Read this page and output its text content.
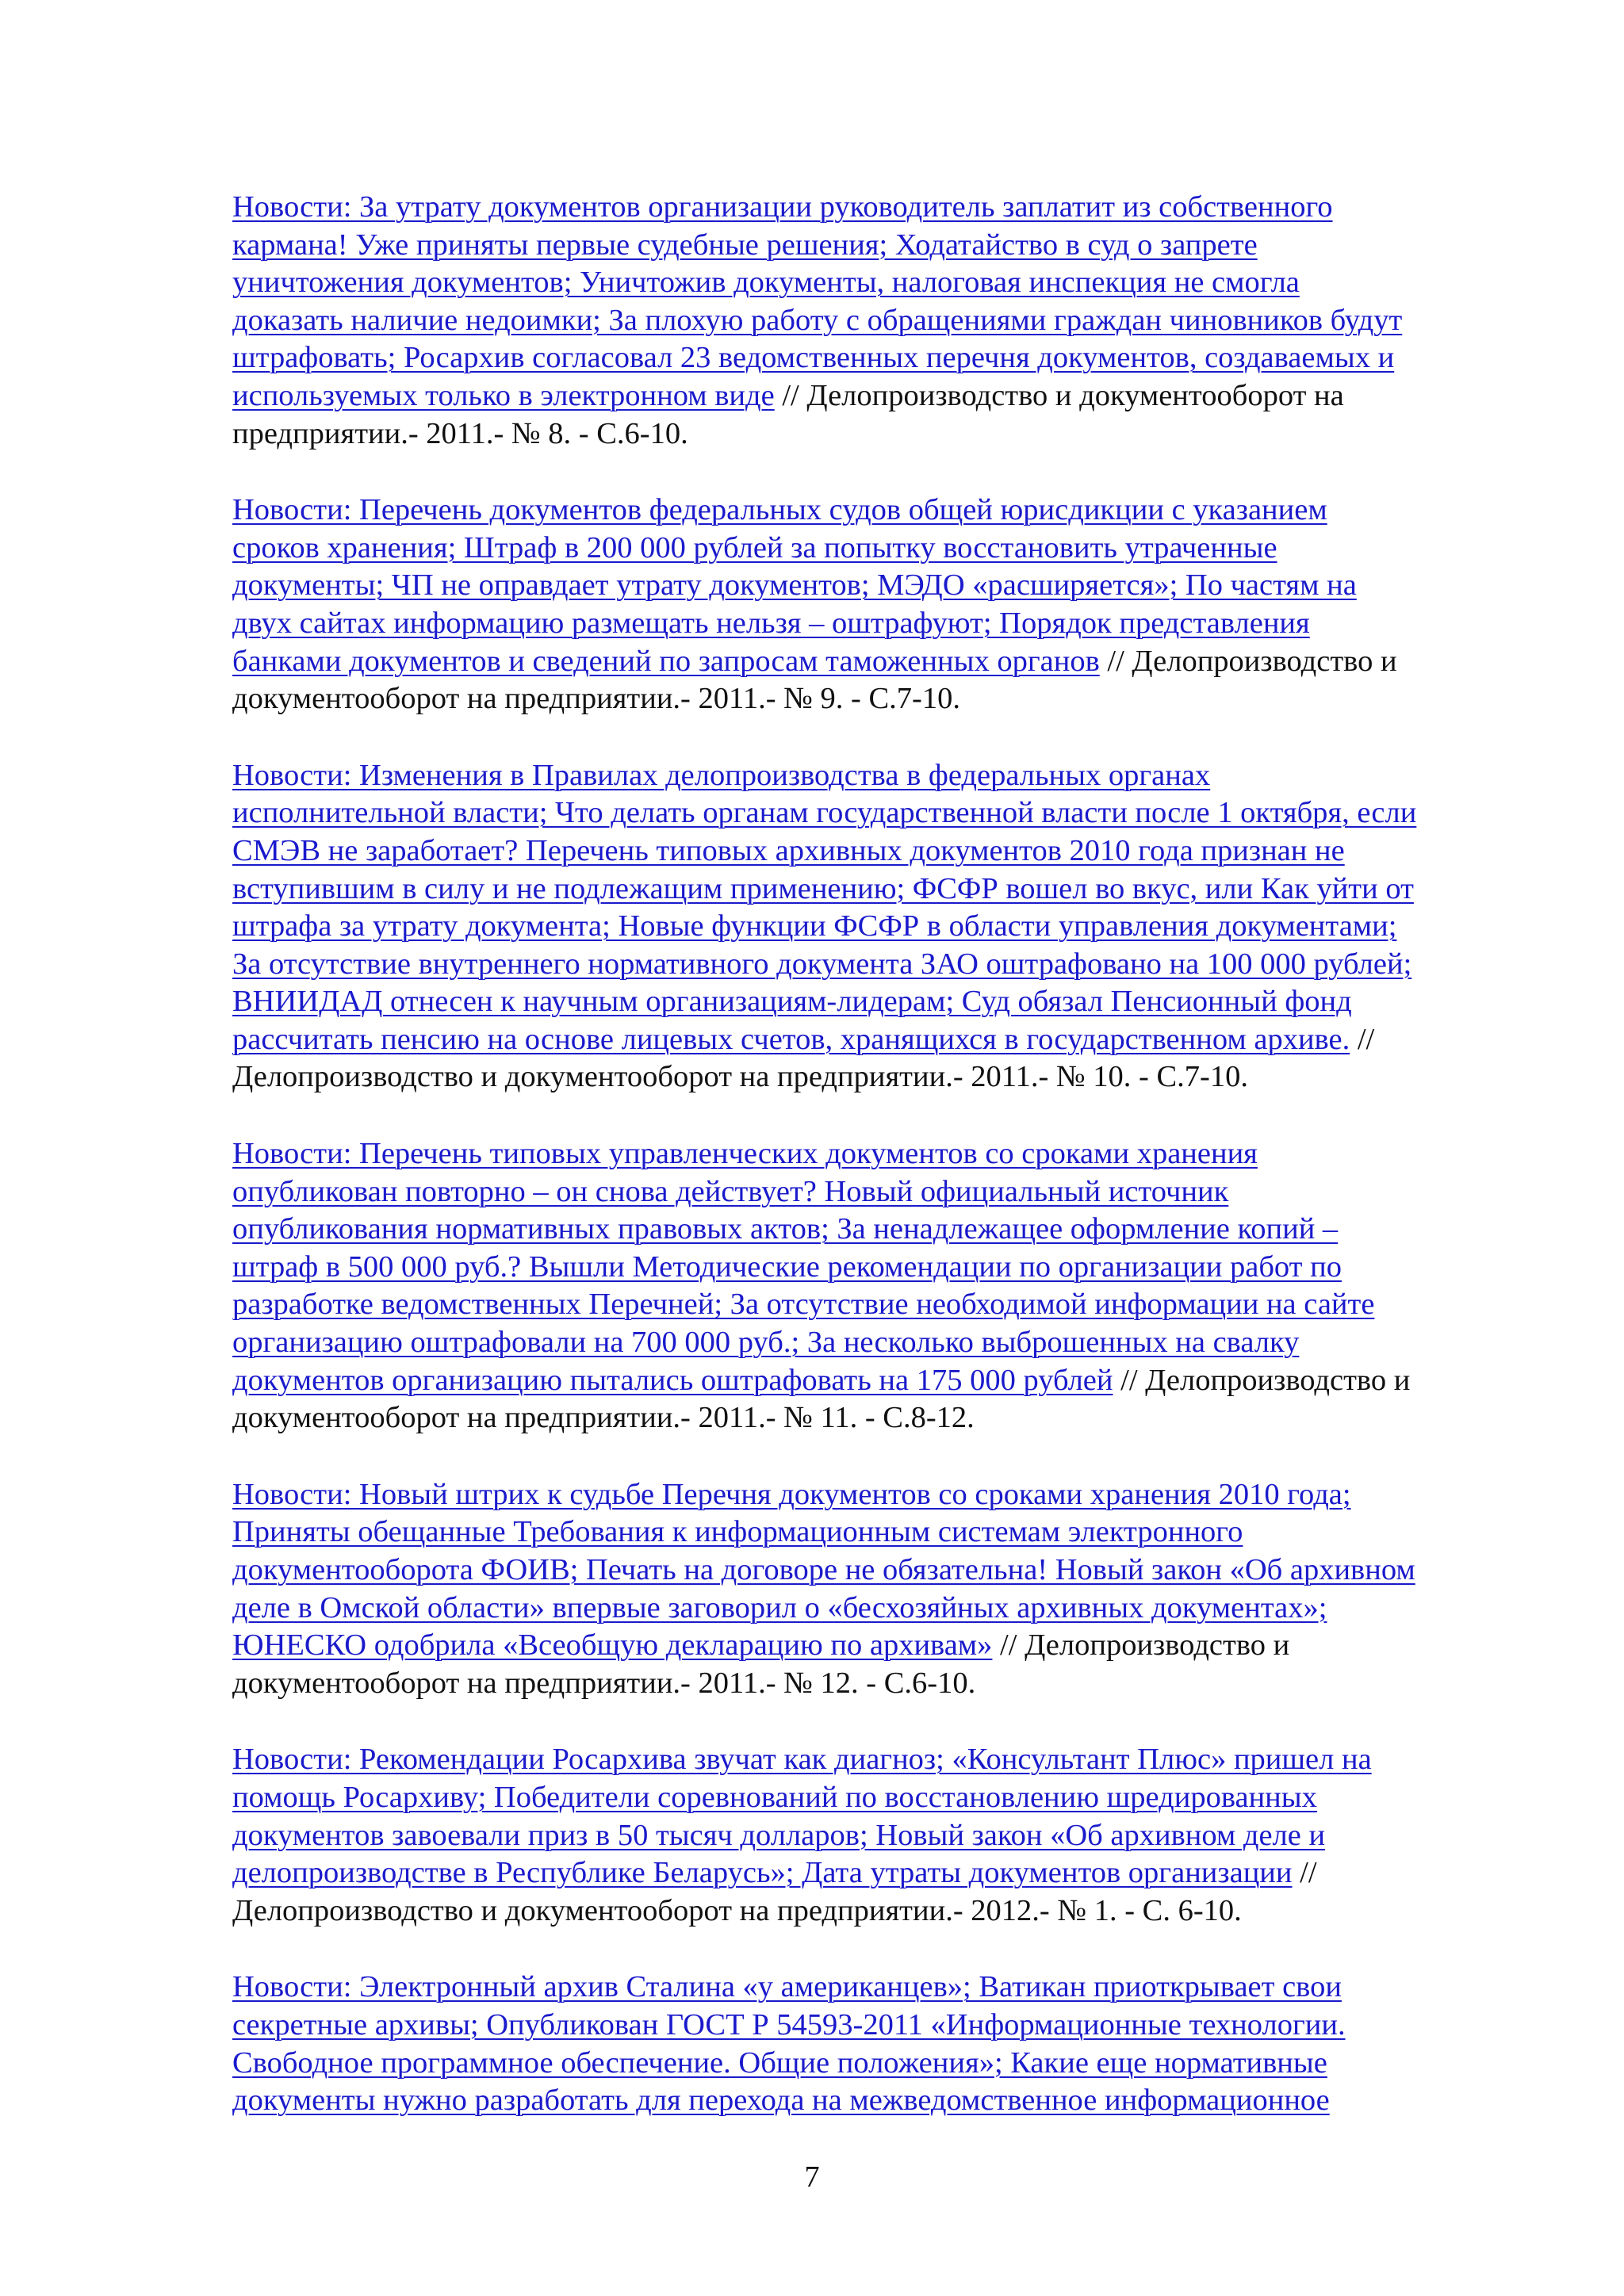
Новости: За утрату документов организации руководитель заплатит из собственного
кармана! Уже приняты первые судебные решения; Ходатайство в суд о запрете
уничтожения документов; Уничтожив документы, налоговая инспекция не смогла
доказать наличие недоимки; За плохую работу с обращениями граждан чиновников будут
штрафовать; Росархив согласовал 23 ведомственных перечня документов, создаваемых и
используемых только в электронном виде // Делопроизводство и документооборот на
предприятии.- 2011.- № 8. - С.6-10.
Новости: Перечень документов федеральных судов общей юрисдикции с указанием
сроков хранения; Штраф в 200 000 рублей за попытку восстановить утраченные
документы; ЧП не оправдает утрату документов; МЭДО «расширяется»; По частям на
двух сайтах информацию размещать нельзя – оштрафуют; Порядок представления
банками документов и сведений по запросам таможенных органов // Делопроизводство и
документооборот на предприятии.- 2011.- № 9. - С.7-10.
Новости: Изменения в Правилах делопроизводства в федеральных органах
исполнительной власти; Что делать органам государственной власти после 1 октября, если
СМЭВ не заработает? Перечень типовых архивных документов 2010 года признан не
вступившим в силу и не подлежащим применению; ФСФР вошел во вкус, или Как уйти от
штрафа за утрату документа; Новые функции ФСФР в области управления документами;
За отсутствие внутреннего нормативного документа ЗАО оштрафовано на 100 000 рублей;
ВНИИДАД отнесен к научным организациям-лидерам; Суд обязал Пенсионный фонд
рассчитать пенсию на основе лицевых счетов, хранящихся в государственном архиве. //
Делопроизводство и документооборот на предприятии.- 2011.- № 10. - С.7-10.
Новости: Перечень типовых управленческих документов со сроками хранения
опубликован повторно – он снова действует? Новый официальный источник
опубликования нормативных правовых актов; За ненадлежащее оформление копий –
штраф в 500 000 руб.? Вышли Методические рекомендации по организации работ по
разработке ведомственных Перечней; За отсутствие необходимой информации на сайте
организацию оштрафовали на 700 000 руб.; За несколько выброшенных на свалку
документов организацию пытались оштрафовать на 175 000 рублей // Делопроизводство и
документооборот на предприятии.- 2011.- № 11. - С.8-12.
Новости: Новый штрих к судьбе Перечня документов со сроками хранения 2010 года;
Приняты обещанные Требования к информационным системам электронного
документооборота ФОИВ; Печать на договоре не обязательна! Новый закон «Об архивном
деле в Омской области» впервые заговорил о «бесхозяйных архивных документах»;
ЮНЕСКО одобрила «Всеобщую декларацию по архивам» // Делопроизводство и
документооборот на предприятии.- 2011.- № 12. - С.6-10.
Новости: Рекомендации Росархива звучат как диагноз; «Консультант Плюс» пришел на
помощь Росархиву; Победители соревнований по восстановлению шредированных
документов завоевали приз в 50 тысяч долларов; Новый закон «Об архивном деле и
делопроизводстве в Республике Беларусь»; Дата утраты документов организации //
Делопроизводство и документооборот на предприятии.- 2012.- № 1. - С. 6-10.
Новости: Электронный архив Сталина «у американцев»; Ватикан приоткрывает свои
секретные архивы; Опубликован ГОСТ Р 54593-2011 «Информационные технологии.
Свободное программное обеспечение. Общие положения»; Какие еще нормативные
документы нужно разработать для перехода на межведомственное информационное
7
